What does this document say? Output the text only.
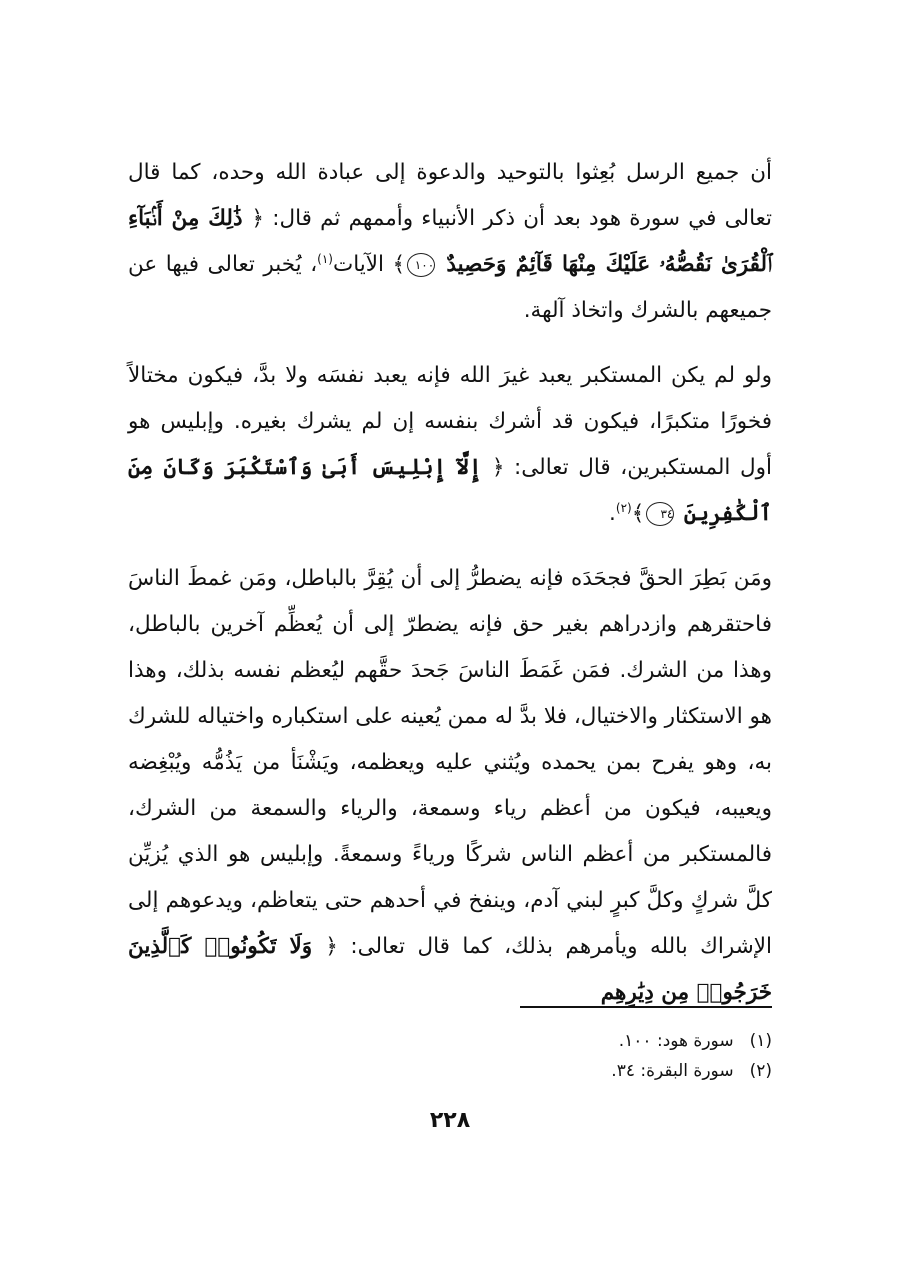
أن جميع الرسل بُعِثوا بالتوحيد والدعوة إلى عبادة الله وحده، كما قال تعالى في سورة هود بعد أن ذكر الأنبياء وأممهم ثم قال: ﴿ ذَٰلِكَ مِنْ أَنۢبَآءِ ٱلْقُرَىٰ نَقُصُّهُۥ عَلَيْكَ مِنْهَا قَآئِمٌ وَحَصِيدٌ ١٠٠﴾ الآيات$^{(١)}$، يُخبر تعالى فيها عن جميعهم بالشرك واتخاذ آلهة.

ولو لم يكن المستكبر يعبد غيرَ الله فإنه يعبد نفسَه ولا بدَّ، فيكون مختالاً فخورًا متكبرًا، فيكون قد أشرك بنفسه إن لم يشرك بغيره. وإبليس هو أول المستكبرين، قال تعالى: ﴿ إِلَّآ إِبْلِيسَ أَبَىٰ وَٱسْتَكْبَرَ وَكَانَ مِنَ ٱلْكَٰفِرِينَ ٣٤﴾$^{(٢)}$.

ومَن بَطِرَ الحقَّ فجحَدَه فإنه يضطرُّ إلى أن يُقِرَّ بالباطل، ومَن غمطَ الناسَ فاحتقرهم وازدراهم بغير حق فإنه يضطرّ إلى أن يُعظِّم آخرين بالباطل، وهذا من الشرك. فمَن غَمَطَ الناسَ جَحدَ حقَّهم ليُعظم نفسه بذلك، وهذا هو الاستكثار والاختيال، فلا بدَّ له ممن يُعينه على استكباره واختياله للشرك به، وهو يفرح بمن يحمده ويُثني عليه ويعظمه، ويَشْنَأ من يَذُمُّه ويُبْغِضه ويعيبه، فيكون من أعظم رياء وسمعة، والرياء والسمعة من الشرك، فالمستكبر من أعظم الناس شركًا ورياءً وسمعةً. وإبليس هو الذي يُزيِّن كلَّ شركٍ وكلَّ كبرٍ لبني آدم، وينفخ في أحدهم حتى يتعاظم، ويدعوهم إلى الإشراك بالله ويأمرهم بذلك، كما قال تعالى: ﴿ وَلَا تَكُونُوا۟ كَٱلَّذِينَ خَرَجُوا۟ مِن دِيَٰرِهِم

(١)
سورة هود: ١٠٠.
(٢)
سورة البقرة: ٣٤.
٢٢٨
